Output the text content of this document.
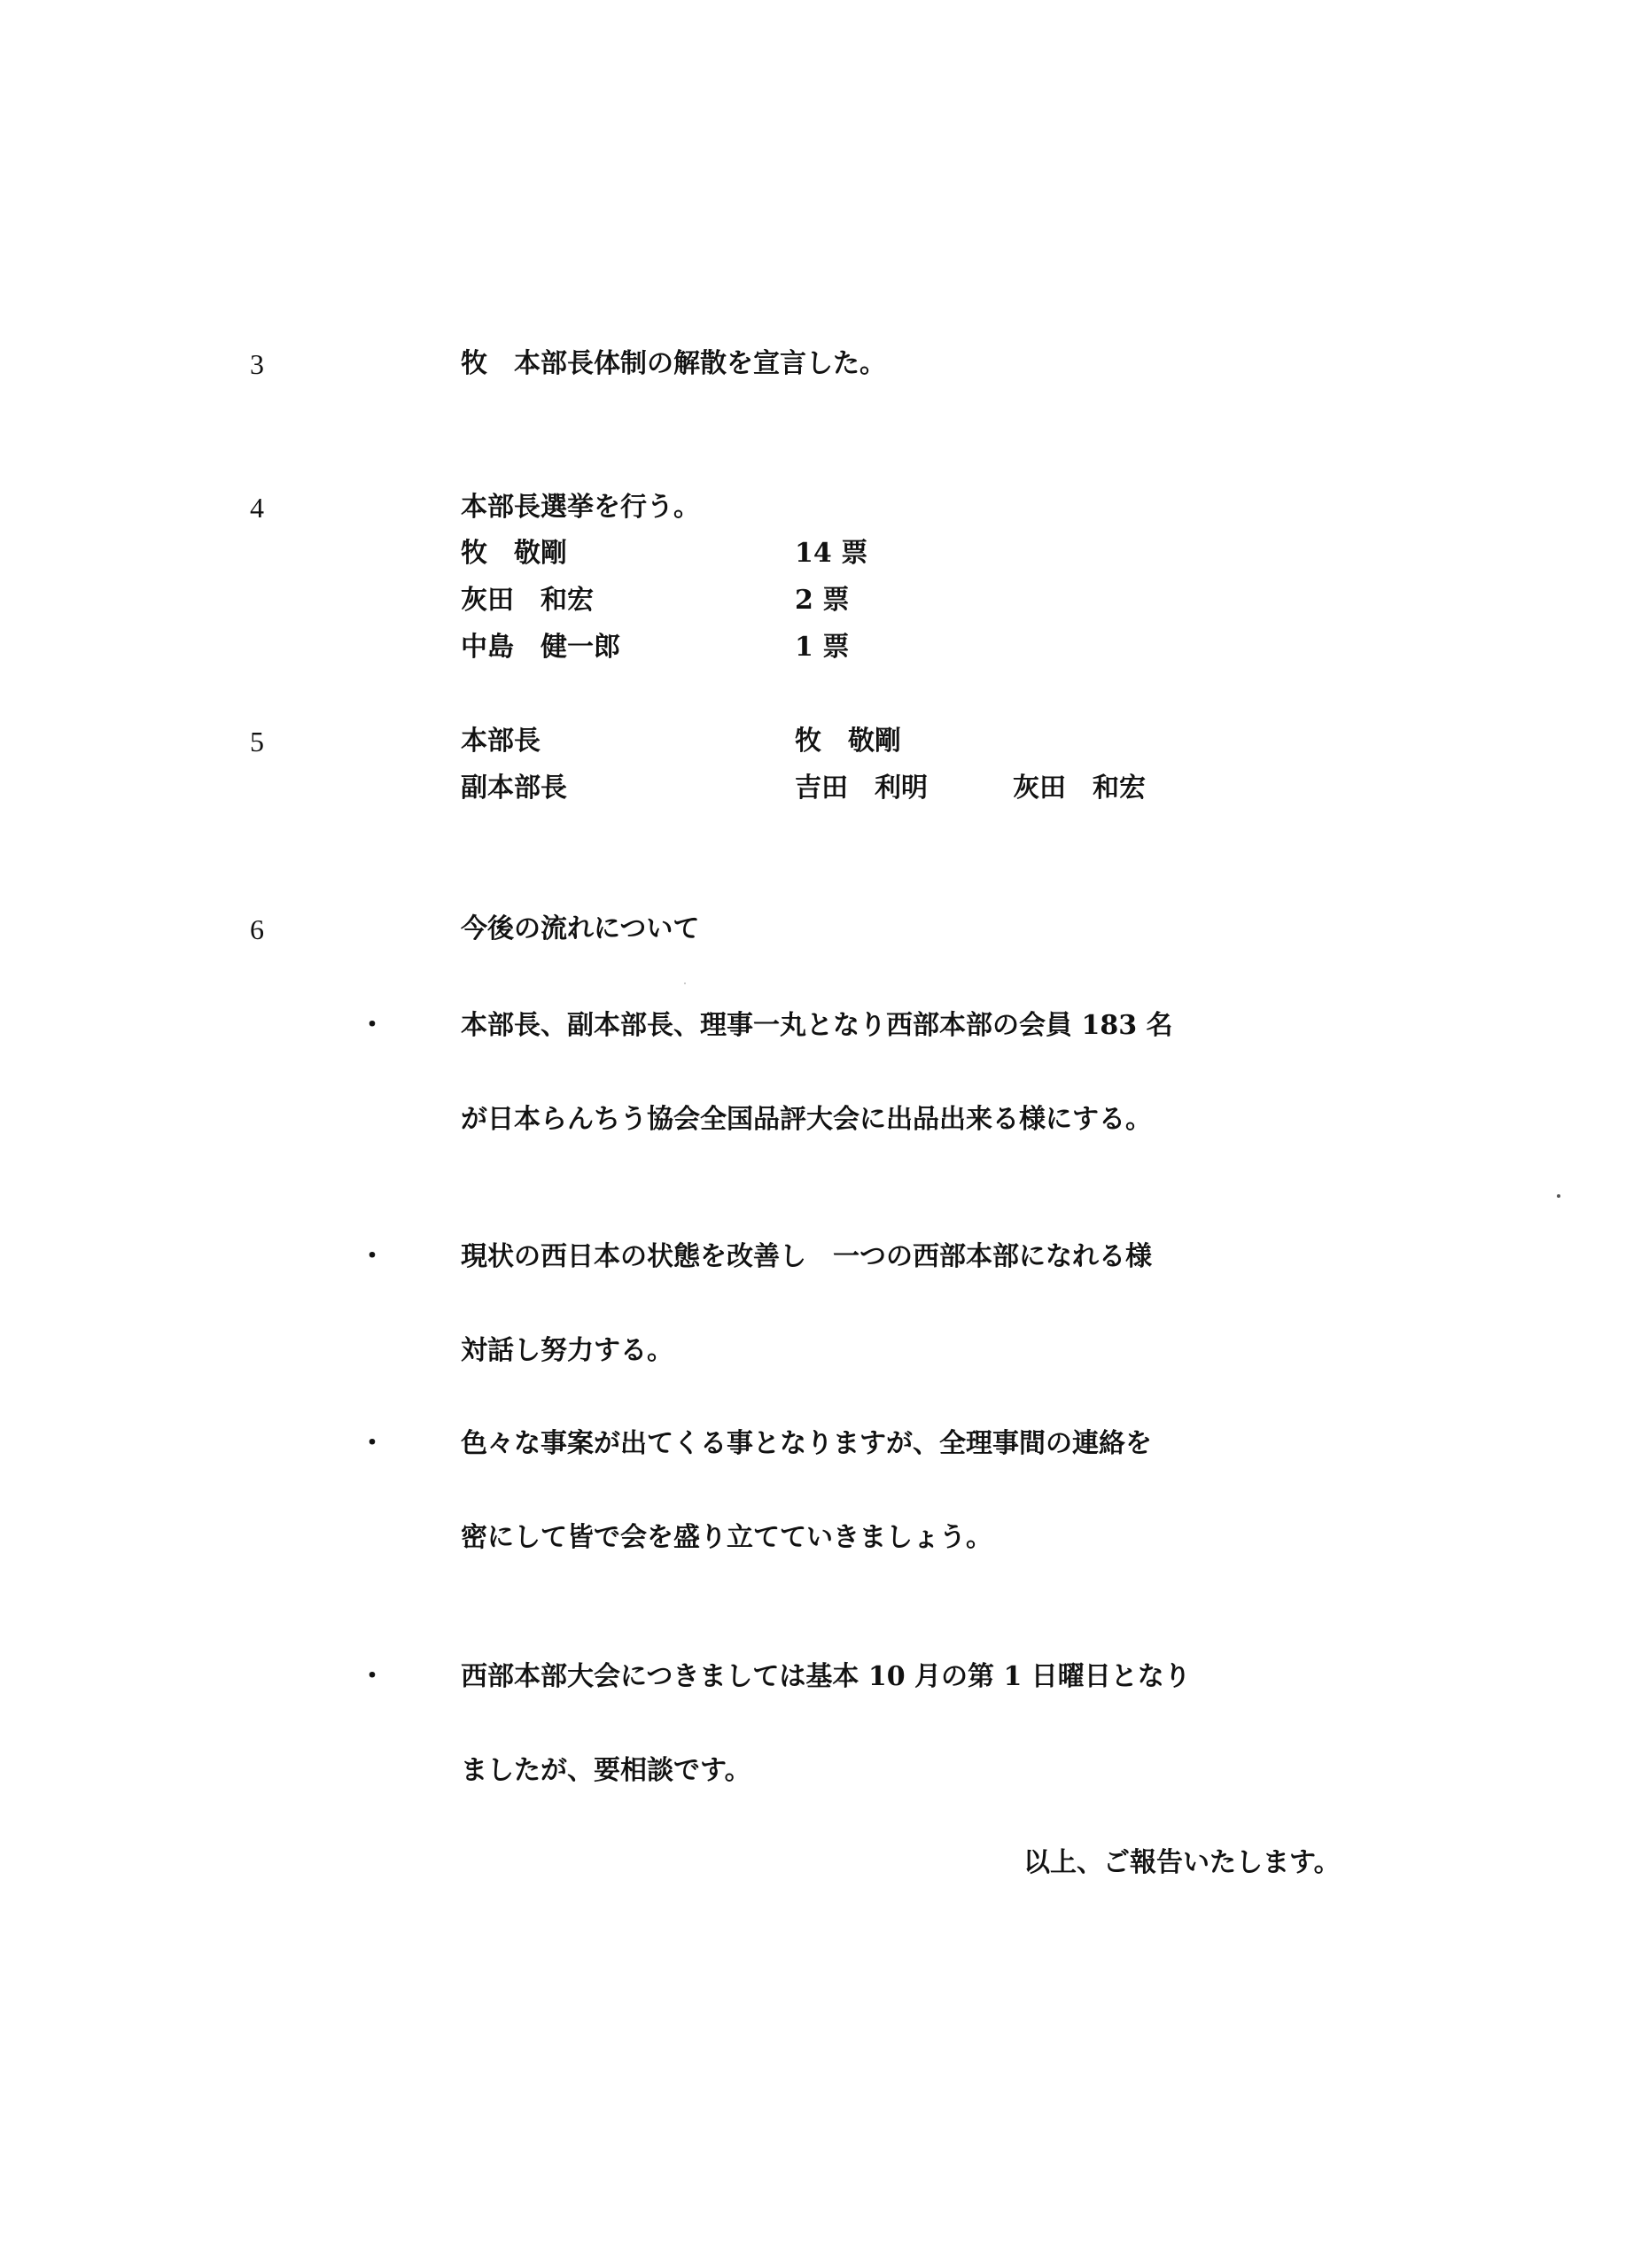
3	牧　本部長体制の解散を宣言した。
4	本部長選挙を行う。
牧　敬剛	14 票
灰田　和宏	2 票
中島　健一郎	1 票
5	本部長	牧　敬剛
副本部長	吉田　利明	灰田　和宏
6	今後の流れについて
・	本部長、副本部長、理事一丸となり西部本部の会員 183 名
が日本らんちう協会全国品評大会に出品出来る様にする。
・	現状の西日本の状態を改善し　一つの西部本部になれる様
対話し努力する。
・	色々な事案が出てくる事となりますが、全理事間の連絡を
密にして皆で会を盛り立てていきましょう。
・	西部本部大会につきましては基本 10 月の第 1 日曜日となり
ましたが、要相談です。
以上、ご報告いたします。
